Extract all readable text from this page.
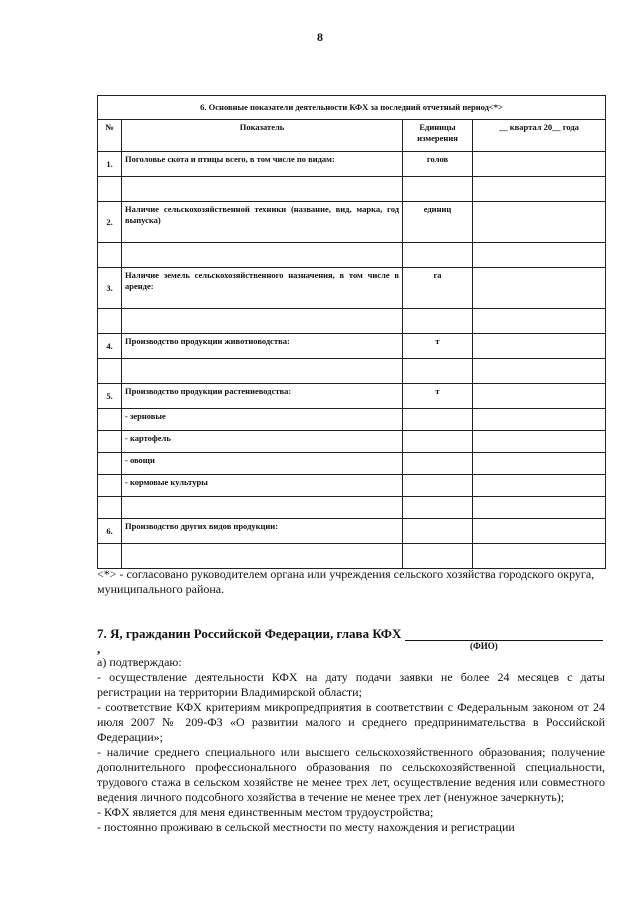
8
6. Основные показатели деятельности КФХ за последний отчетный период<*>			
№	Показатель	Единицы измерения	__ квартал 20__ года
1.	Поголовье скота и птицы всего, в том числе по видам:	голов	

2.	Наличие сельскохозяйственной техники (название, вид, марка, год выпуска)	единиц	

3.	Наличие земель сельскохозяйственного назначения, в том числе в аренде:	га	

4.	Производство продукции животноводства:	т	

5.	Производство продукции растениеводства:	т	
	- зерновые		
	- картофель		
	- овощи		
	- кормовые культуры		

6.	Производство других видов продукции:		

<*> - согласовано руководителем органа или учреждения сельского хозяйства городского округа, муниципального района.
7. Я, гражданин Российской Федерации, глава КФХ ,	(ФИО)

а) подтверждаю:

- осуществление деятельности КФХ на дату подачи заявки не более 24 месяцев с даты регистрации на территории Владимирской области;

- соответствие КФХ критериям микропредприятия в соответствии с Федеральным законом от 24 июля 2007 № 209-ФЗ «О развитии малого и среднего предпринимательства в Российской Федерации»;

- наличие среднего специального или высшего сельскохозяйственного образования; получение дополнительного профессионального образования по сельскохозяйственной специальности, трудового стажа в сельском хозяйстве не менее трех лет, осуществление ведения или совместного ведения личного подсобного хозяйства в течение не менее трех лет (ненужное зачеркнуть);

- КФХ является для меня единственным местом трудоустройства;

- постоянно проживаю в сельской местности по месту нахождения и регистрации
